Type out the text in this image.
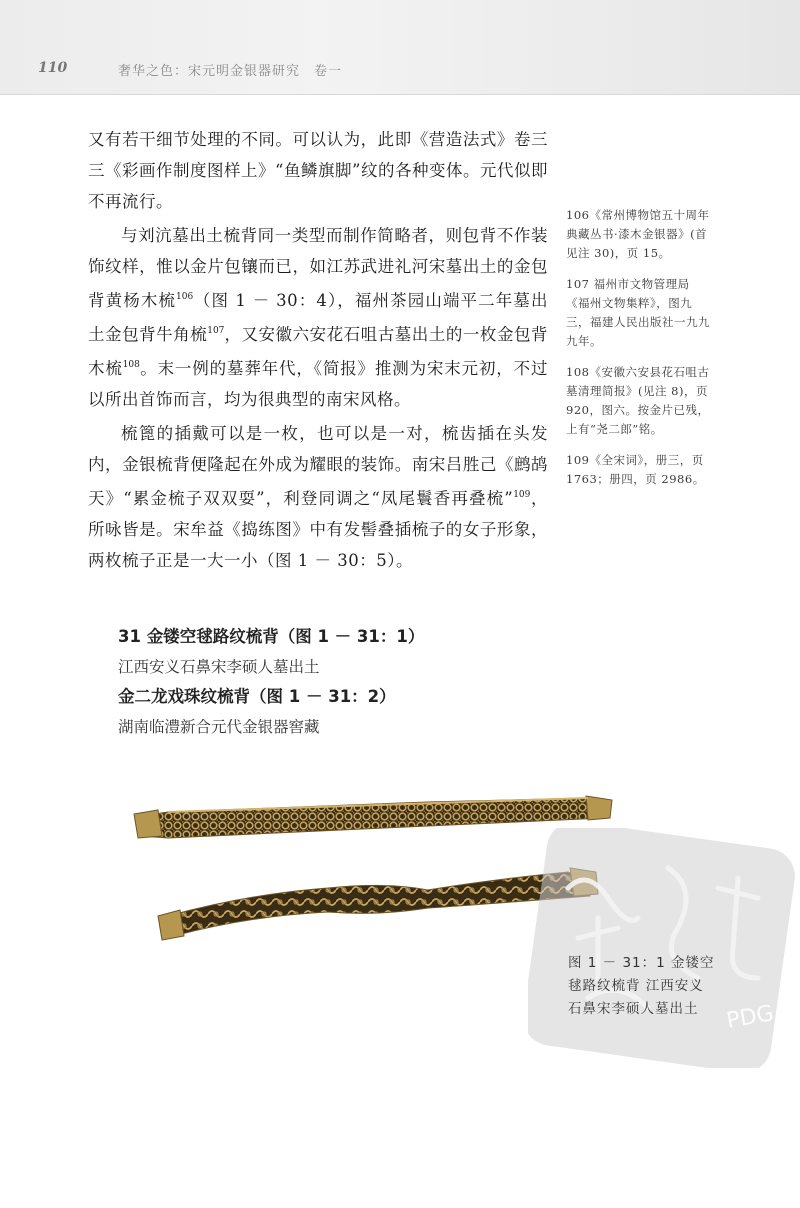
110	奢华之色：宋元明金银器研究　卷一

又有若干细节处理的不同。可以认为，此即《营造法式》卷三三《彩画作制度图样上》“鱼鳞旗脚”纹的各种变体。元代似即不再流行。

与刘沆墓出土梳背同一类型而制作简略者，则包背不作装饰纹样，惟以金片包镶而已，如江苏武进礼河宋墓出土的金包背黄杨木梳$^{106}$（图 1 － 30：4），福州茶园山端平二年墓出土金包背牛角梳$^{107}$，又安徽六安花石咀古墓出土的一枚金包背木梳$^{108}$。末一例的墓葬年代，《简报》推测为宋末元初，不过以所出首饰而言，均为很典型的南宋风格。

梳篦的插戴可以是一枚，也可以是一对，梳齿插在头发内，金银梳背便隆起在外成为耀眼的装饰。南宋吕胜己《鹧鸪天》“累金梳子双双耍”，利登同调之“凤尾鬟香再叠梳”$^{109}$，所咏皆是。宋牟益《捣练图》中有发髻叠插梳子的女子形象，两枚梳子正是一大一小（图 1 － 30：5）。

106《常州博物馆五十周年典藏丛书·漆木金银器》(首见注 30)，页 15。
107 福州市文物管理局《福州文物集粹》，图九三，福建人民出版社一九九九年。
108《安徽六安县花石咀古墓清理简报》(见注 8)，页 920，图六。按金片已残，上有“尧二郎”铭。
109《全宋词》，册三，页 1763；册四，页 2986。
31 金镂空毬路纹梳背（图 1 － 31：1）
江西安义石鼻宋李硕人墓出土
金二龙戏珠纹梳背（图 1 － 31：2）
湖南临澧新合元代金银器窖藏
PDG
图 1 － 31：1 金镂空毬路纹梳背 江西安义石鼻宋李硕人墓出土
